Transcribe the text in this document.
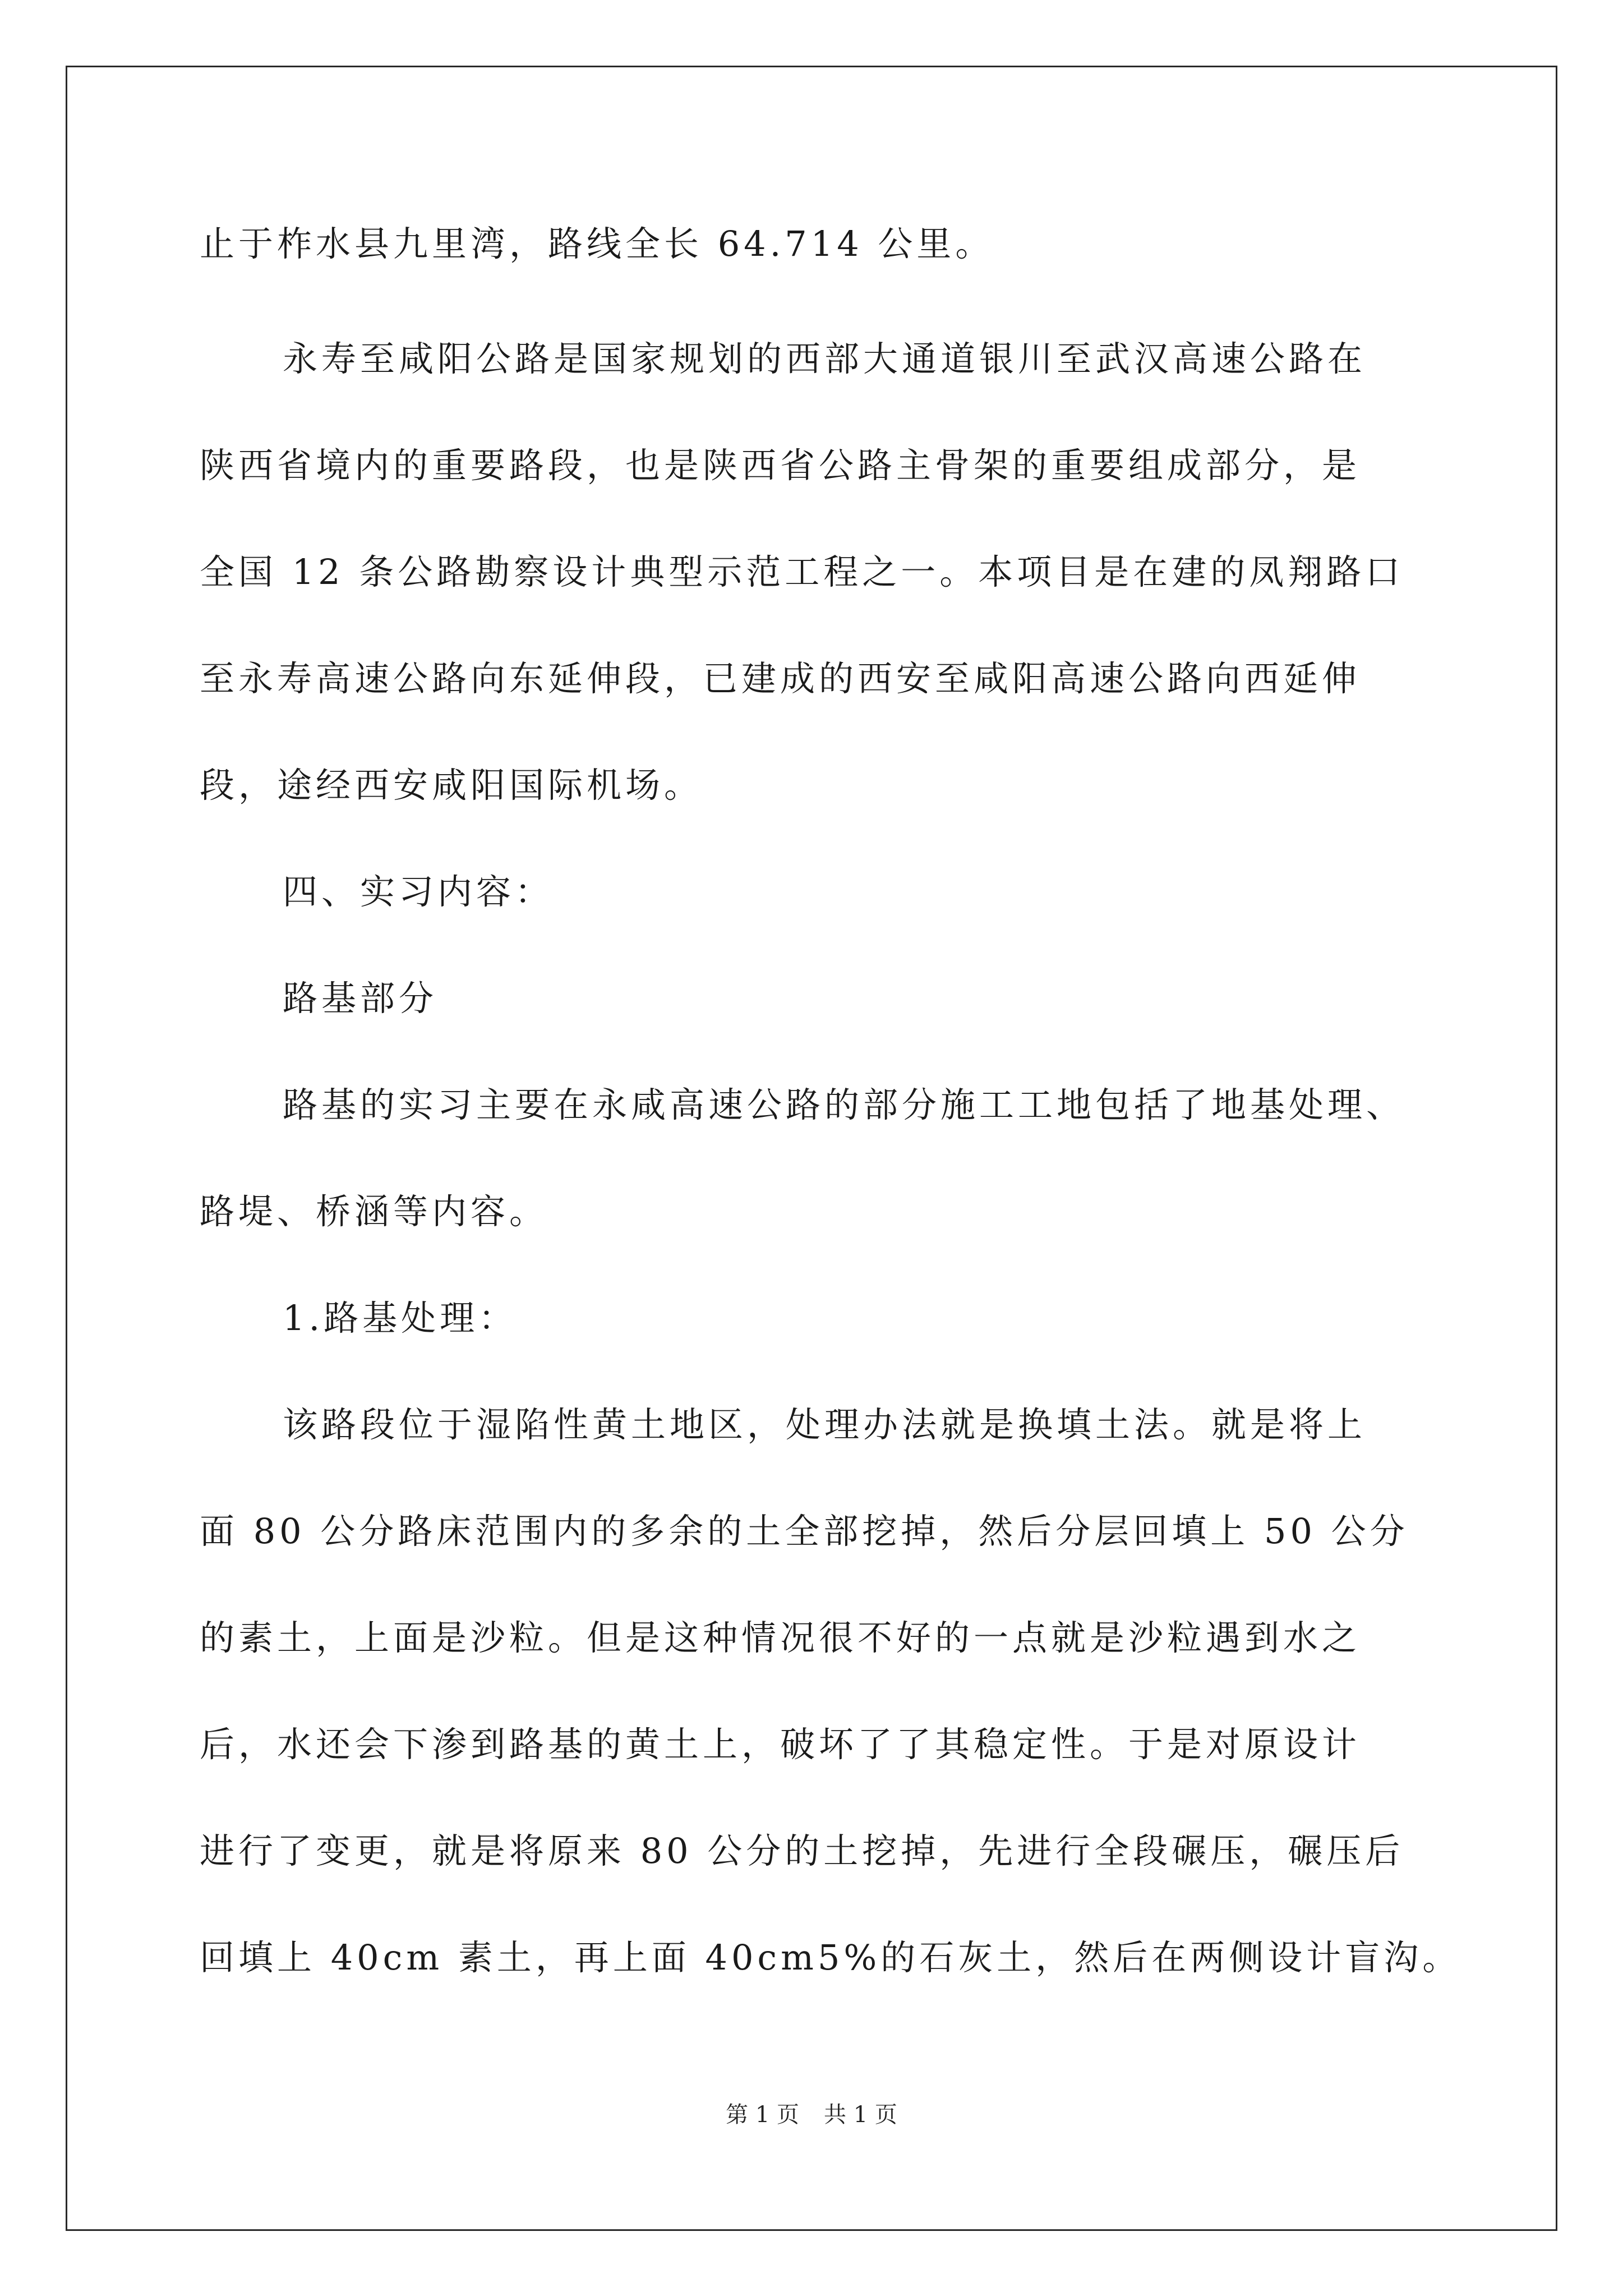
止于柞水县九里湾，路线全长 64.714 公里。
永寿至咸阳公路是国家规划的西部大通道银川至武汉高速公路在
陕西省境内的重要路段，也是陕西省公路主骨架的重要组成部分，是
全国 12 条公路勘察设计典型示范工程之一。本项目是在建的凤翔路口
至永寿高速公路向东延伸段，已建成的西安至咸阳高速公路向西延伸
段，途经西安咸阳国际机场。
四、实习内容：
路基部分
路基的实习主要在永咸高速公路的部分施工工地包括了地基处理、
路堤、桥涵等内容。
1.路基处理：
该路段位于湿陷性黄土地区，处理办法就是换填土法。就是将上
面 80 公分路床范围内的多余的土全部挖掉，然后分层回填上 50 公分
的素土，上面是沙粒。但是这种情况很不好的一点就是沙粒遇到水之
后，水还会下渗到路基的黄土上，破坏了了其稳定性。于是对原设计
进行了变更，就是将原来 80 公分的土挖掉，先进行全段碾压，碾压后
回填上 40cm 素土，再上面 40cm5%的石灰土，然后在两侧设计盲沟。
第 1 页 共 1 页
